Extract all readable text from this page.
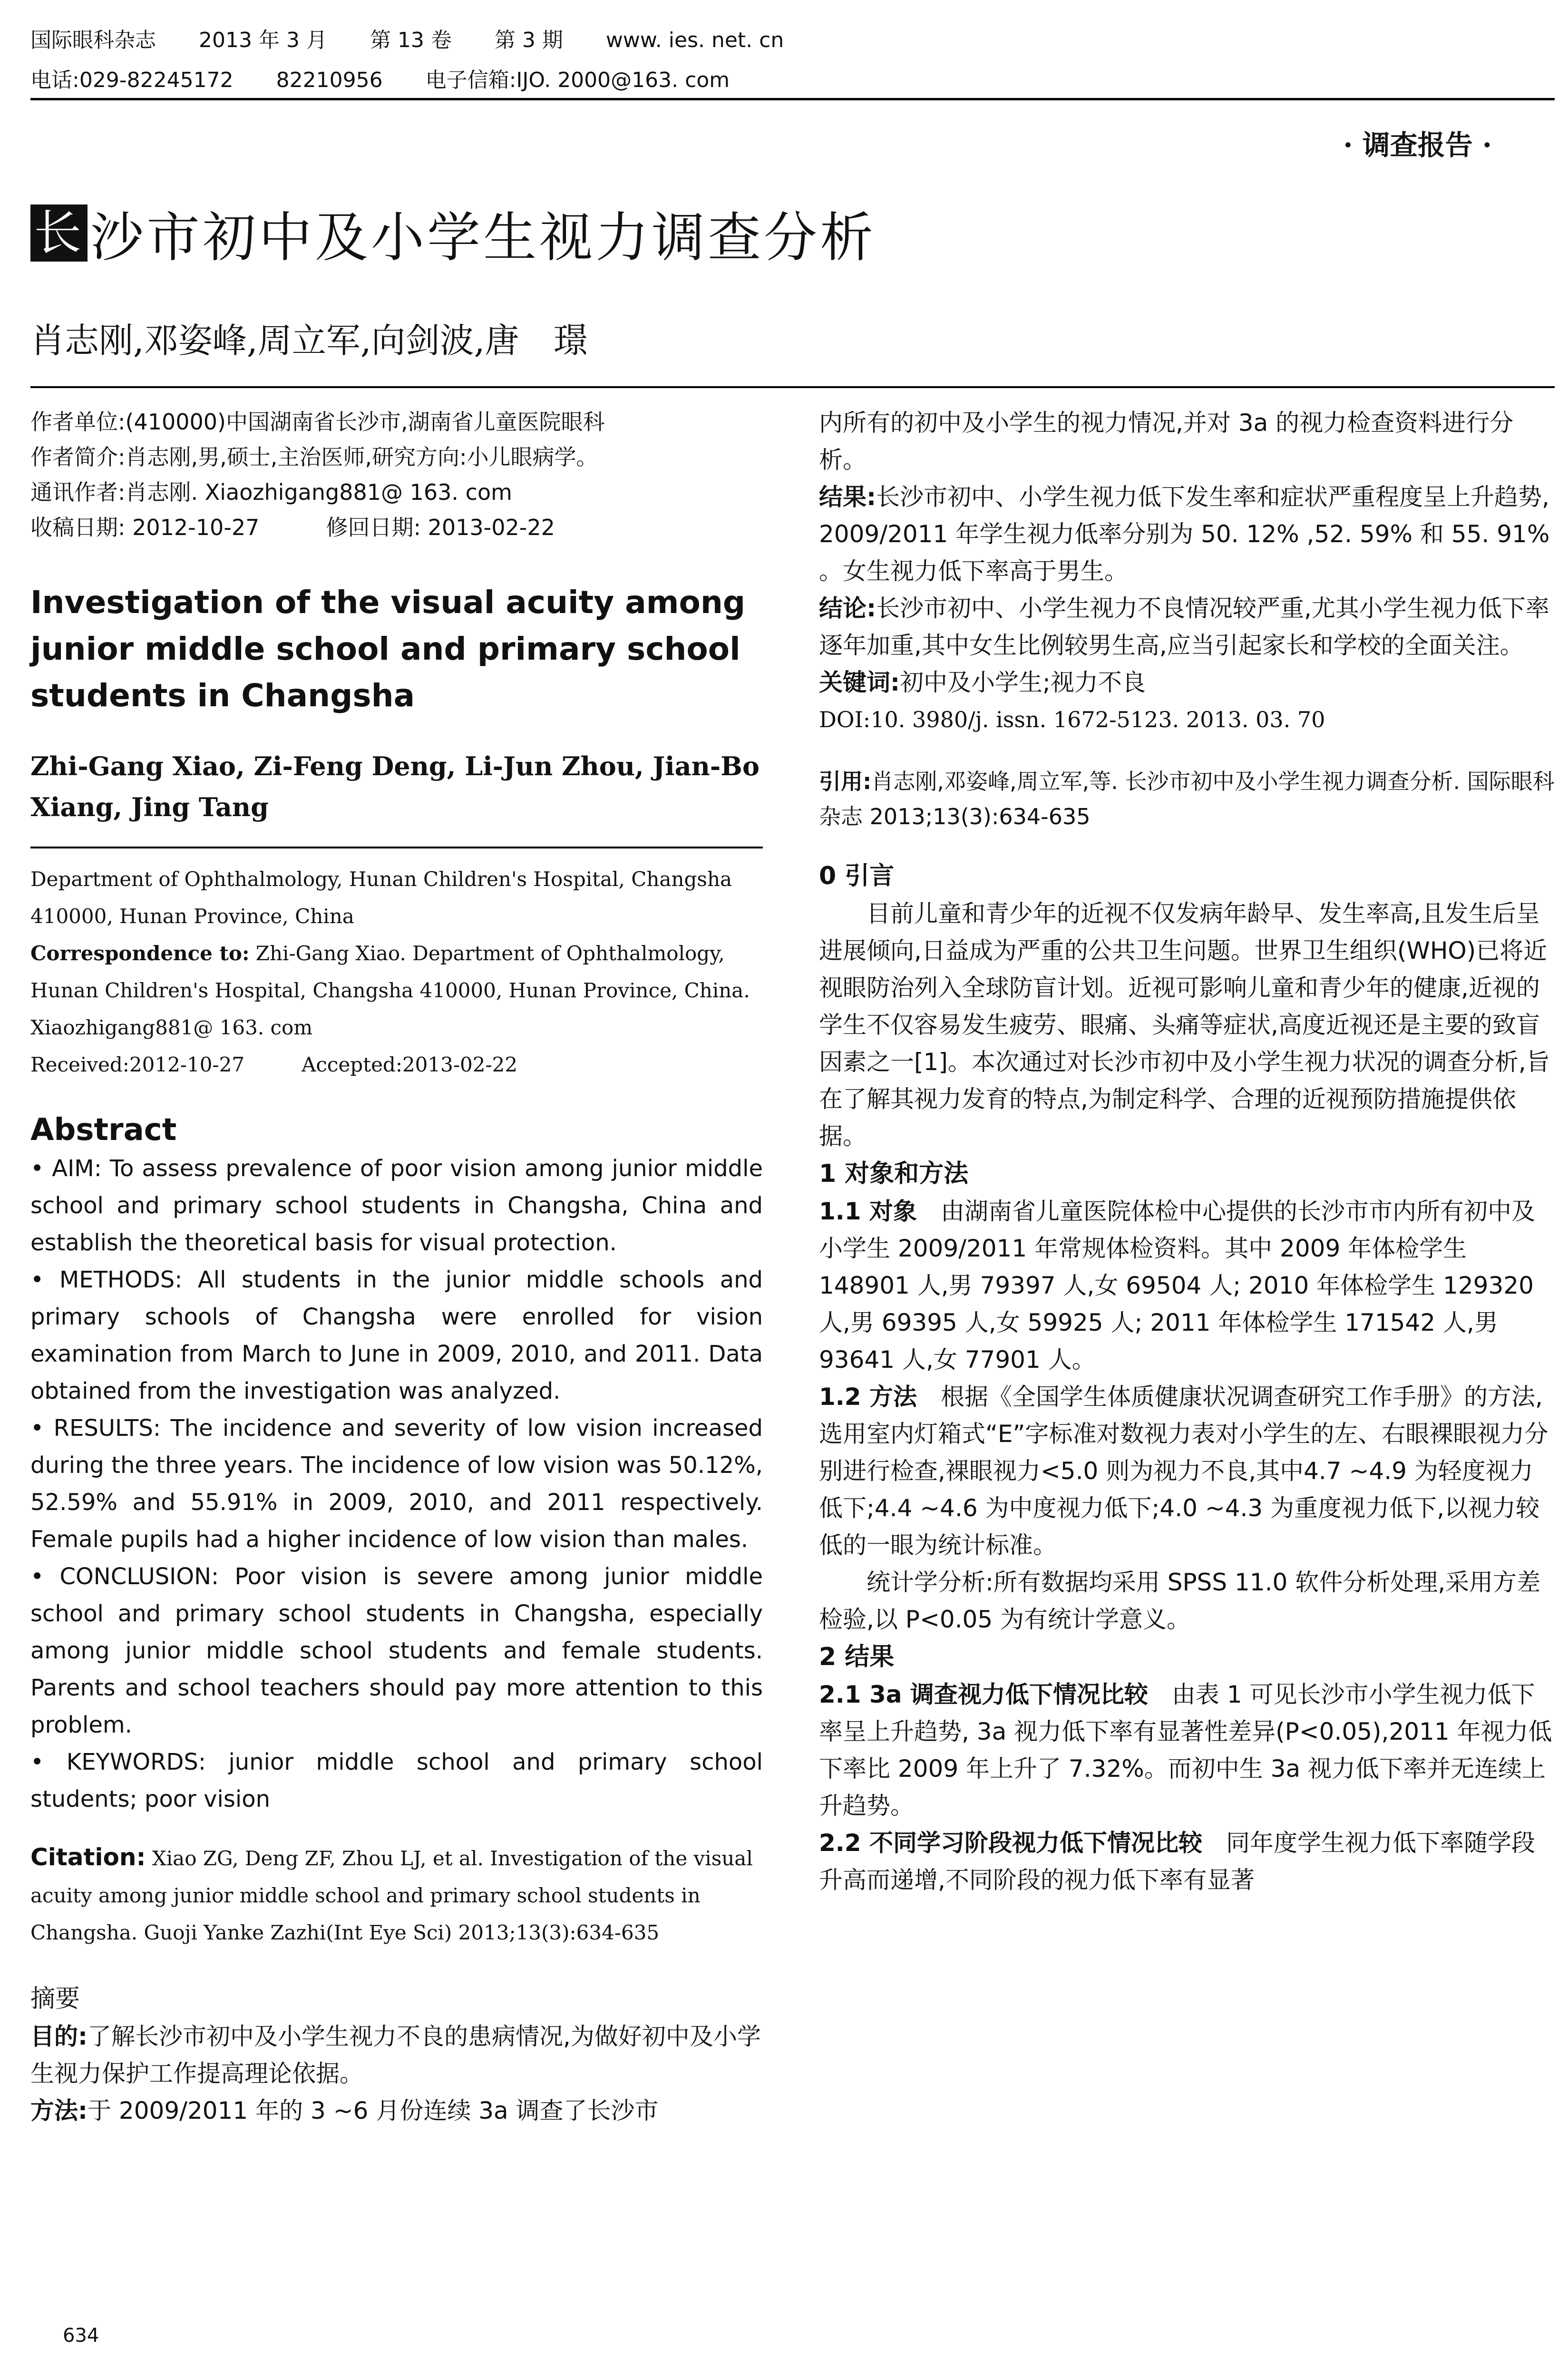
国际眼科杂志 2013 年 3 月 第 13 卷 第 3 期 www. ies. net. cn
电话:029-82245172 82210956 电子信箱:IJO. 2000@163. com
· 调查报告 ·
长 沙市初中及小学生视力调查分析
肖志刚,邓姿峰,周立军,向剑波,唐　璟

作者单位:(410000)中国湖南省长沙市,湖南省儿童医院眼科

作者简介:肖志刚,男,硕士,主治医师,研究方向:小儿眼病学。

通讯作者:肖志刚. Xiaozhigang881@ 163. com

收稿日期: 2012-10-27	修回日期: 2013-02-22

Investigation of the visual acuity among junior middle school and primary school students in Changsha

Zhi-Gang Xiao, Zi-Feng Deng, Li-Jun Zhou, Jian-Bo Xiang, Jing Tang

Department of Ophthalmology, Hunan Children's Hospital, Changsha 410000, Hunan Province, China

Correspondence to: Zhi-Gang Xiao. Department of Ophthalmology, Hunan Children's Hospital, Changsha 410000, Hunan Province, China. Xiaozhigang881@ 163. com

Received:2012-10-27	Accepted:2013-02-22

Abstract

• AIM: To assess prevalence of poor vision among junior middle school and primary school students in Changsha, China and establish the theoretical basis for visual protection.

• METHODS: All students in the junior middle schools and primary schools of Changsha were enrolled for vision examination from March to June in 2009, 2010, and 2011. Data obtained from the investigation was analyzed.

• RESULTS: The incidence and severity of low vision increased during the three years. The incidence of low vision was 50.12%, 52.59% and 55.91% in 2009, 2010, and 2011 respectively. Female pupils had a higher incidence of low vision than males.

• CONCLUSION: Poor vision is severe among junior middle school and primary school students in Changsha, especially among junior middle school students and female students. Parents and school teachers should pay more attention to this problem.

• KEYWORDS: junior middle school and primary school students; poor vision

Citation: Xiao ZG, Deng ZF, Zhou LJ, et al. Investigation of the visual acuity among junior middle school and primary school students in Changsha. Guoji Yanke Zazhi(Int Eye Sci) 2013;13(3):634-635

摘要

目的:了解长沙市初中及小学生视力不良的患病情况,为做好初中及小学生视力保护工作提高理论依据。

方法:于 2009/2011 年的 3 ~6 月份连续 3a 调查了长沙市

内所有的初中及小学生的视力情况,并对 3a 的视力检查资料进行分析。

结果:长沙市初中、小学生视力低下发生率和症状严重程度呈上升趋势, 2009/2011 年学生视力低率分别为 50. 12% ,52. 59% 和 55. 91% 。女生视力低下率高于男生。

结论:长沙市初中、小学生视力不良情况较严重,尤其小学生视力低下率逐年加重,其中女生比例较男生高,应当引起家长和学校的全面关注。

关键词:初中及小学生;视力不良

DOI:10. 3980/j. issn. 1672-5123. 2013. 03. 70

引用:肖志刚,邓姿峰,周立军,等. 长沙市初中及小学生视力调查分析. 国际眼科杂志 2013;13(3):634-635

0 引言

目前儿童和青少年的近视不仅发病年龄早、发生率高,且发生后呈进展倾向,日益成为严重的公共卫生问题。世界卫生组织(WHO)已将近视眼防治列入全球防盲计划。近视可影响儿童和青少年的健康,近视的学生不仅容易发生疲劳、眼痛、头痛等症状,高度近视还是主要的致盲因素之一[1]。本次通过对长沙市初中及小学生视力状况的调查分析,旨在了解其视力发育的特点,为制定科学、合理的近视预防措施提供依据。

1 对象和方法

1.1 对象　由湖南省儿童医院体检中心提供的长沙市市内所有初中及小学生 2009/2011 年常规体检资料。其中 2009 年体检学生 148901 人,男 79397 人,女 69504 人; 2010 年体检学生 129320 人,男 69395 人,女 59925 人; 2011 年体检学生 171542 人,男 93641 人,女 77901 人。

1.2 方法　根据《全国学生体质健康状况调查研究工作手册》的方法,选用室内灯箱式“E”字标准对数视力表对小学生的左、右眼裸眼视力分别进行检查,裸眼视力<5.0 则为视力不良,其中4.7 ~4.9 为轻度视力低下;4.4 ~4.6 为中度视力低下;4.0 ~4.3 为重度视力低下,以视力较低的一眼为统计标准。

统计学分析:所有数据均采用 SPSS 11.0 软件分析处理,采用方差检验,以 P<0.05 为有统计学意义。

2 结果

2.1 3a 调查视力低下情况比较　由表 1 可见长沙市小学生视力低下率呈上升趋势, 3a 视力低下率有显著性差异(P<0.05),2011 年视力低下率比 2009 年上升了 7.32%。而初中生 3a 视力低下率并无连续上升趋势。

2.2 不同学习阶段视力低下情况比较　同年度学生视力低下率随学段升高而递增,不同阶段的视力低下率有显著

634
